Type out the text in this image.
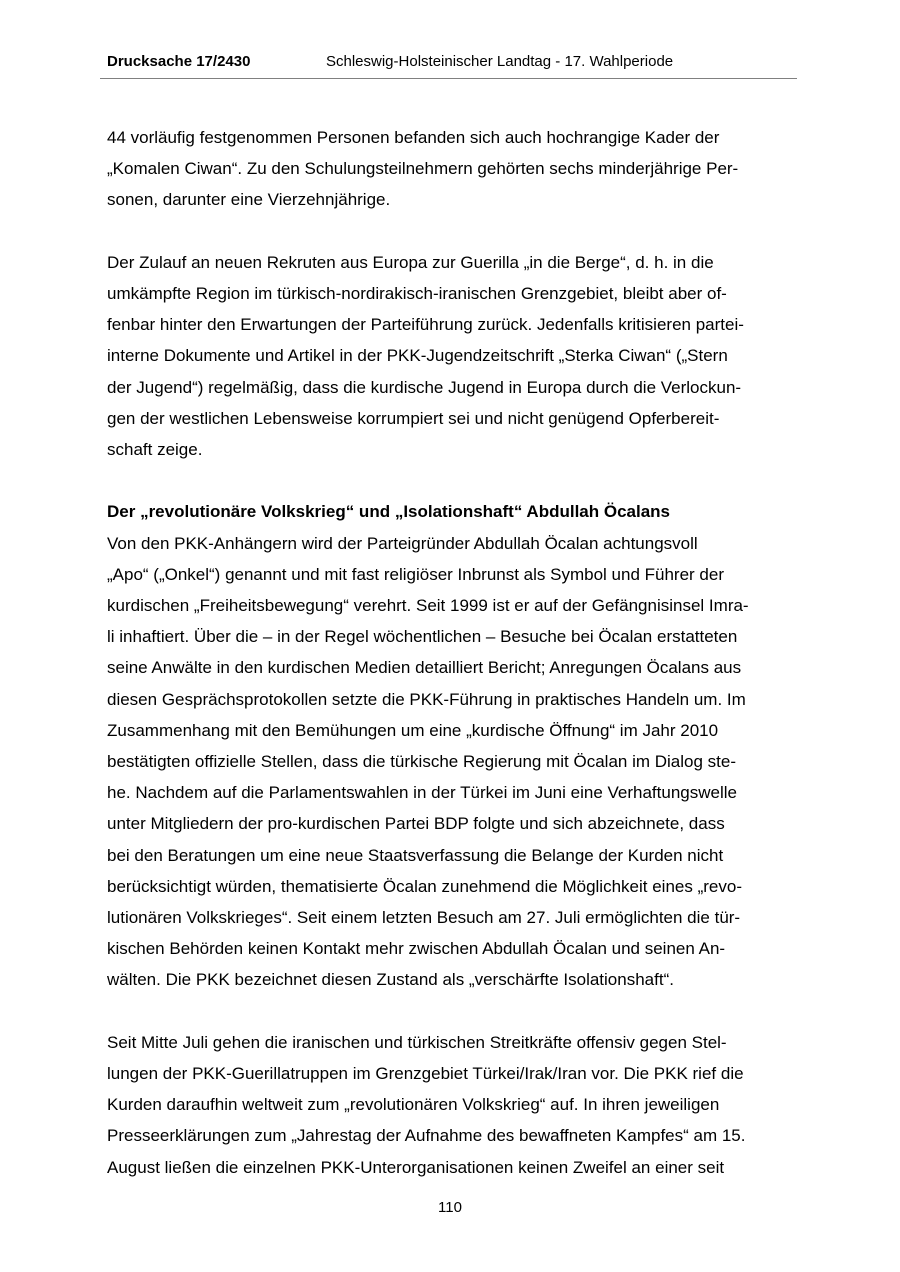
Drucksache 17/2430	Schleswig-Holsteinischer Landtag - 17. Wahlperiode
44 vorläufig festgenommen Personen befanden sich auch hochrangige Kader der
„Komalen Ciwan“. Zu den Schulungsteilnehmern gehörten sechs minderjährige Per-
sonen, darunter eine Vierzehnjährige.
Der Zulauf an neuen Rekruten aus Europa zur Guerilla „in die Berge“, d. h. in die
umkämpfte Region im türkisch-nordirakisch-iranischen Grenzgebiet, bleibt aber of-
fenbar hinter den Erwartungen der Parteiführung zurück. Jedenfalls kritisieren partei-
interne Dokumente und Artikel in der PKK-Jugendzeitschrift „Sterka Ciwan“ („Stern
der Jugend“) regelmäßig, dass die kurdische Jugend in Europa durch die Verlockun-
gen der westlichen Lebensweise korrumpiert sei und nicht genügend Opferbereit-
schaft zeige.
Der „revolutionäre Volkskrieg“ und „Isolationshaft“ Abdullah Öcalans
Von den PKK-Anhängern wird der Parteigründer Abdullah Öcalan achtungsvoll
„Apo“ („Onkel“) genannt und mit fast religiöser Inbrunst als Symbol und Führer der
kurdischen „Freiheitsbewegung“ verehrt. Seit 1999 ist er auf der Gefängnisinsel Imra-
li inhaftiert. Über die – in der Regel wöchentlichen – Besuche bei Öcalan erstatteten
seine Anwälte in den kurdischen Medien detailliert Bericht; Anregungen Öcalans aus
diesen Gesprächsprotokollen setzte die PKK-Führung in praktisches Handeln um. Im
Zusammenhang mit den Bemühungen um eine „kurdische Öffnung“ im Jahr 2010
bestätigten offizielle Stellen, dass die türkische Regierung mit Öcalan im Dialog ste-
he. Nachdem auf die Parlamentswahlen in der Türkei im Juni eine Verhaftungswelle
unter Mitgliedern der pro-kurdischen Partei BDP folgte und sich abzeichnete, dass
bei den Beratungen um eine neue Staatsverfassung die Belange der Kurden nicht
berücksichtigt würden, thematisierte Öcalan zunehmend die Möglichkeit eines „revo-
lutionären Volkskrieges“. Seit einem letzten Besuch am 27. Juli ermöglichten die tür-
kischen Behörden keinen Kontakt mehr zwischen Abdullah Öcalan und seinen An-
wälten. Die PKK bezeichnet diesen Zustand als „verschärfte Isolationshaft“.
Seit Mitte Juli gehen die iranischen und türkischen Streitkräfte offensiv gegen Stel-
lungen der PKK-Guerillatruppen im Grenzgebiet Türkei/Irak/Iran vor. Die PKK rief die
Kurden daraufhin weltweit zum „revolutionären Volkskrieg“ auf. In ihren jeweiligen
Presseerklärungen zum „Jahrestag der Aufnahme des bewaffneten Kampfes“ am 15.
August ließen die einzelnen PKK-Unterorganisationen keinen Zweifel an einer seit
110
